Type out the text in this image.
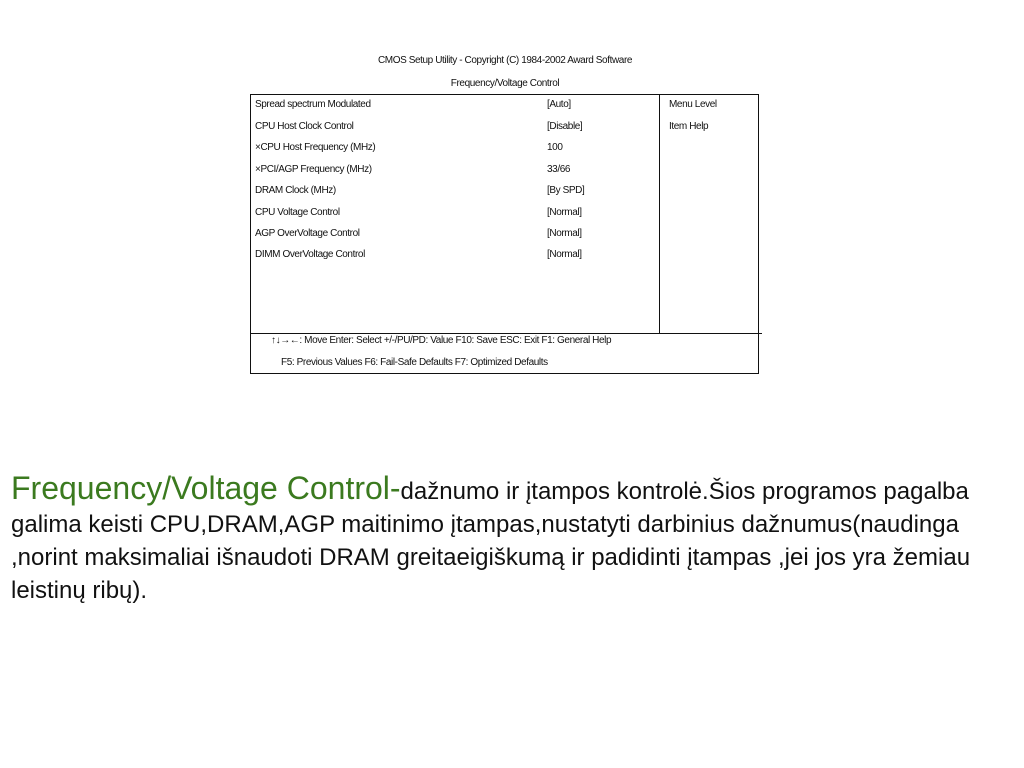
CMOS Setup Utility - Copyright (C) 1984-2002 Award Software
Frequency/Voltage Control
Spread spectrum Modulated	[Auto]
CPU Host Clock Control	[Disable]
×CPU Host Frequency (MHz)	100
×PCI/AGP Frequency (MHz)	33/66
DRAM Clock (MHz)	[By SPD]
CPU Voltage Control	[Normal]
AGP OverVoltage Control	[Normal]
DIMM OverVoltage Control	[Normal]
Menu Level
Item Help
↑↓→←: Move Enter: Select +/-/PU/PD: Value F10: Save ESC: Exit F1: General Help
F5: Previous Values F6: Fail-Safe Defaults F7: Optimized Defaults
Frequency/Voltage Control-dažnumo ir įtampos kontrolė.Šios programos pagalba galima keisti CPU,DRAM,AGP maitinimo įtampas,nustatyti darbinius dažnumus(naudinga ,norint maksimaliai išnaudoti DRAM greitaeigiškumą ir padidinti įtampas ,jei jos yra žemiau leistinų ribų).
